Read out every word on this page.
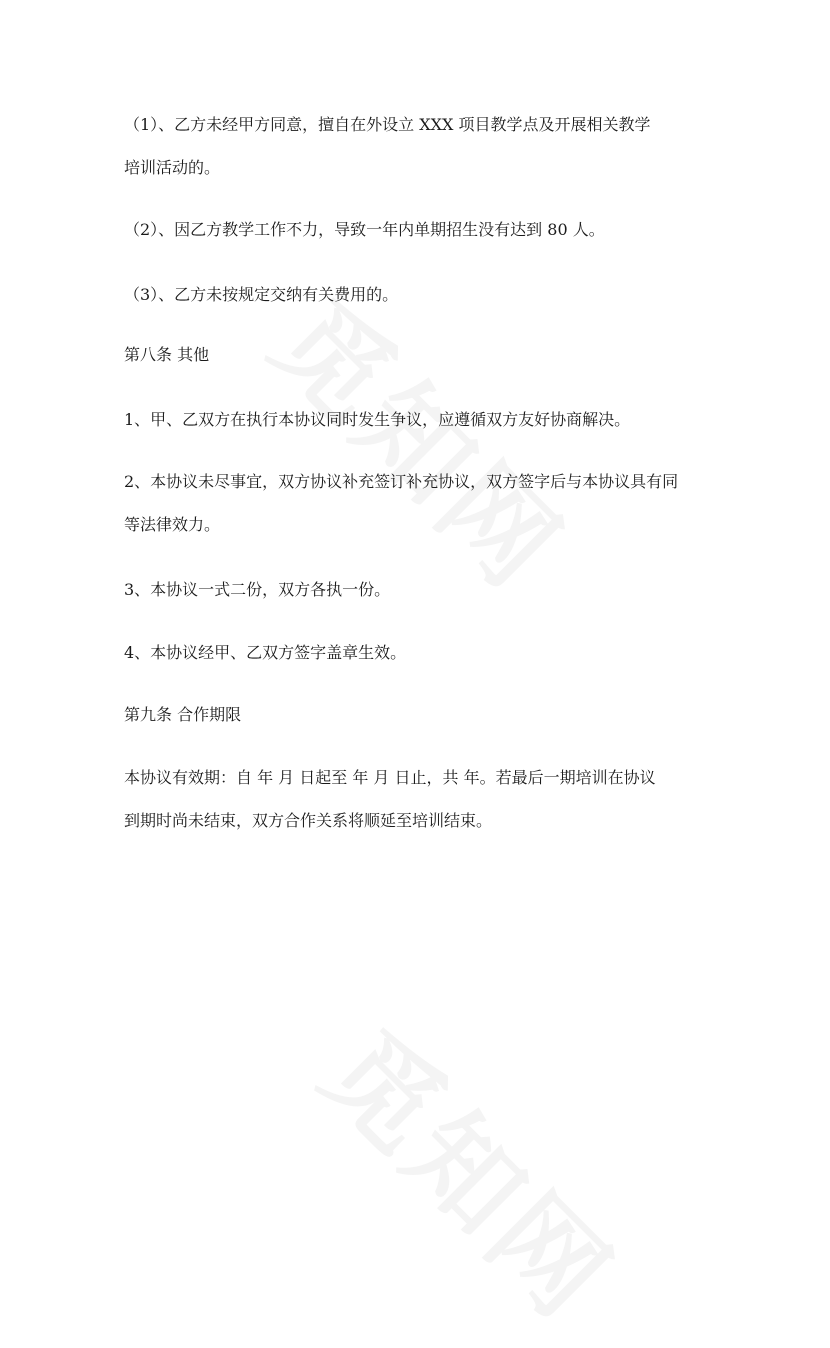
（1）、乙方未经甲方同意，擅自在外设立 XXX 项目教学点及开展相关教学
培训活动的。
（2）、因乙方教学工作不力，导致一年内单期招生没有达到 80 人。
（3）、乙方未按规定交纳有关费用的。
第八条 其他
1、甲、乙双方在执行本协议同时发生争议，应遵循双方友好协商解决。
2、本协议未尽事宜，双方协议补充签订补充协议，双方签字后与本协议具有同
等法律效力。
3、本协议一式二份，双方各执一份。
4、本协议经甲、乙双方签字盖章生效。
第九条 合作期限
本协议有效期：自 年 月 日起至 年 月 日止，共 年。若最后一期培训在协议
到期时尚未结束，双方合作关系将顺延至培训结束。
